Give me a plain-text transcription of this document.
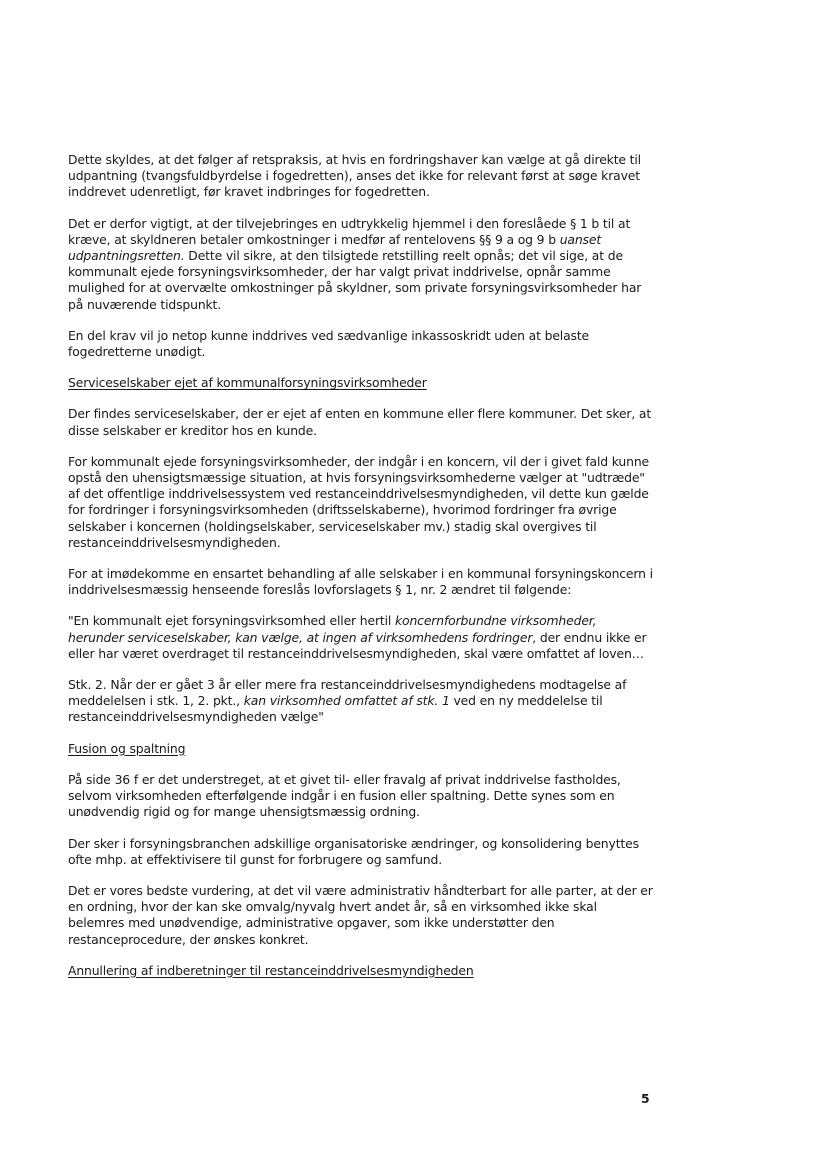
Dette skyldes, at det følger af retspraksis, at hvis en fordringshaver kan vælge at gå direkte til udpantning (tvangsfuldbyrdelse i fogedretten), anses det ikke for relevant først at søge kravet inddrevet udenretligt, før kravet indbringes for fogedretten.

Det er derfor vigtigt, at der tilvejebringes en udtrykkelig hjemmel i den foreslåede § 1 b til at kræve, at skyldneren betaler omkostninger i medfør af rentelovens §§ 9 a og 9 b uanset udpantningsretten. Dette vil sikre, at den tilsigtede retstilling reelt opnås; det vil sige, at de kommunalt ejede forsyningsvirksomheder, der har valgt privat inddrivelse, opnår samme mulighed for at overvælte omkostninger på skyldner, som private forsyningsvirksomheder har på nuværende tidspunkt.

En del krav vil jo netop kunne inddrives ved sædvanlige inkassoskridt uden at belaste fogedretterne unødigt.

Serviceselskaber ejet af kommunalforsyningsvirksomheder

Der findes serviceselskaber, der er ejet af enten en kommune eller flere kommuner. Det sker, at disse selskaber er kreditor hos en kunde.

For kommunalt ejede forsyningsvirksomheder, der indgår i en koncern, vil der i givet fald kunne opstå den uhensigtsmæssige situation, at hvis forsyningsvirksomhederne vælger at "udtræde" af det offentlige inddrivelsessystem ved restanceinddrivelsesmyndigheden, vil dette kun gælde for fordringer i forsyningsvirksomheden (driftsselskaberne), hvorimod fordringer fra øvrige selskaber i koncernen (holdingselskaber, serviceselskaber mv.) stadig skal overgives til restanceinddrivelsesmyndigheden.

For at imødekomme en ensartet behandling af alle selskaber i en kommunal forsyningskoncern i inddrivelsesmæssig henseende foreslås lovforslagets § 1, nr. 2 ændret til følgende:

"En kommunalt ejet forsyningsvirksomhed eller hertil koncernforbundne virksomheder, herunder serviceselskaber, kan vælge, at ingen af virksomhedens fordringer, der endnu ikke er eller har været overdraget til restanceinddrivelsesmyndigheden, skal være omfattet af loven…

Stk. 2. Når der er gået 3 år eller mere fra restanceinddrivelsesmyndighedens modtagelse af meddelelsen i stk. 1, 2. pkt., kan virksomhed omfattet af stk. 1 ved en ny meddelelse til restanceinddrivelsesmyndigheden vælge"

Fusion og spaltning

På side 36 f er det understreget, at et givet til- eller fravalg af privat inddrivelse fastholdes, selvom virksomheden efterfølgende indgår i en fusion eller spaltning. Dette synes som en unødvendig rigid og for mange uhensigtsmæssig ordning.

Der sker i forsyningsbranchen adskillige organisatoriske ændringer, og konsolidering benyttes ofte mhp. at effektivisere til gunst for forbrugere og samfund.

Det er vores bedste vurdering, at det vil være administrativ håndterbart for alle parter, at der er en ordning, hvor der kan ske omvalg/nyvalg hvert andet år, så en virksomhed ikke skal belemres med unødvendige, administrative opgaver, som ikke understøtter den restanceprocedure, der ønskes konkret.

Annullering af indberetninger til restanceinddrivelsesmyndigheden

5
